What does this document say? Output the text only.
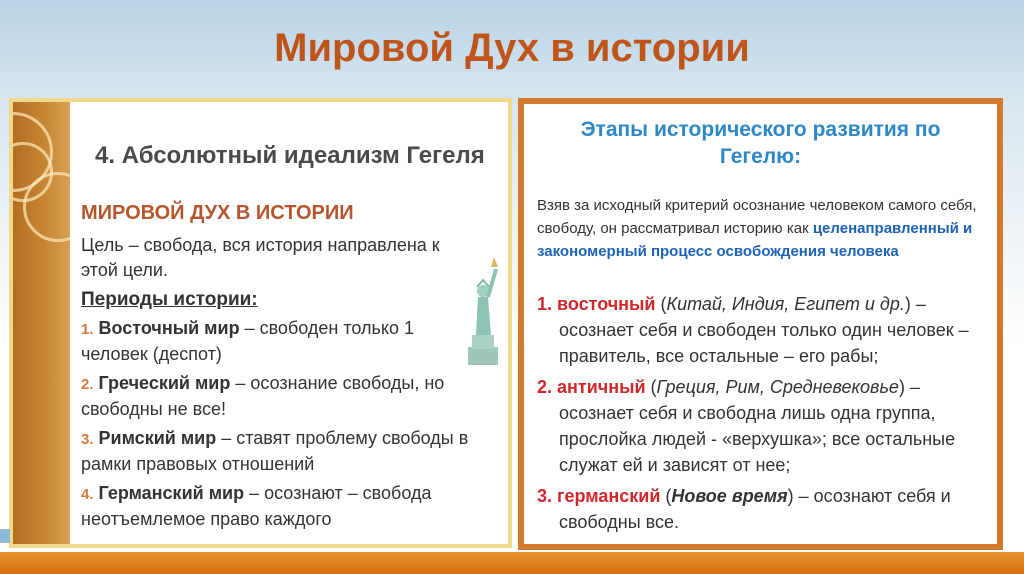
Мировой Дух в истории
4. Абсолютный идеализм Гегеля
МИРОВОЙ ДУХ В ИСТОРИИ
Цель – свобода, вся история направлена к этой цели.
Периоды истории:
1. Восточный мир – свободен только 1 человек (деспот)
2. Греческий мир – осознание свободы, но свободны не все!
3. Римский мир – ставят проблему свободы в рамки правовых отношений
4. Германский мир – осознают – свобода неотъемлемое право каждого
Этапы исторического развития по
Гегелю:
Взяв за исходный критерий осознание человеком самого себя, свободу, он рассматривал историю как целенаправленный и закономерный процесс освобождения человека
1. восточный (Китай, Индия, Египет и др.) –
осознает себя и свободен только один человек – правитель, все остальные – его рабы;
2. античный (Греция, Рим, Средневековье) –
осознает себя и свободна лишь одна группа, прослойка людей - «верхушка»; все остальные служат ей и зависят от нее;
3. германский (Новое время) – осознают себя и
свободны все.
